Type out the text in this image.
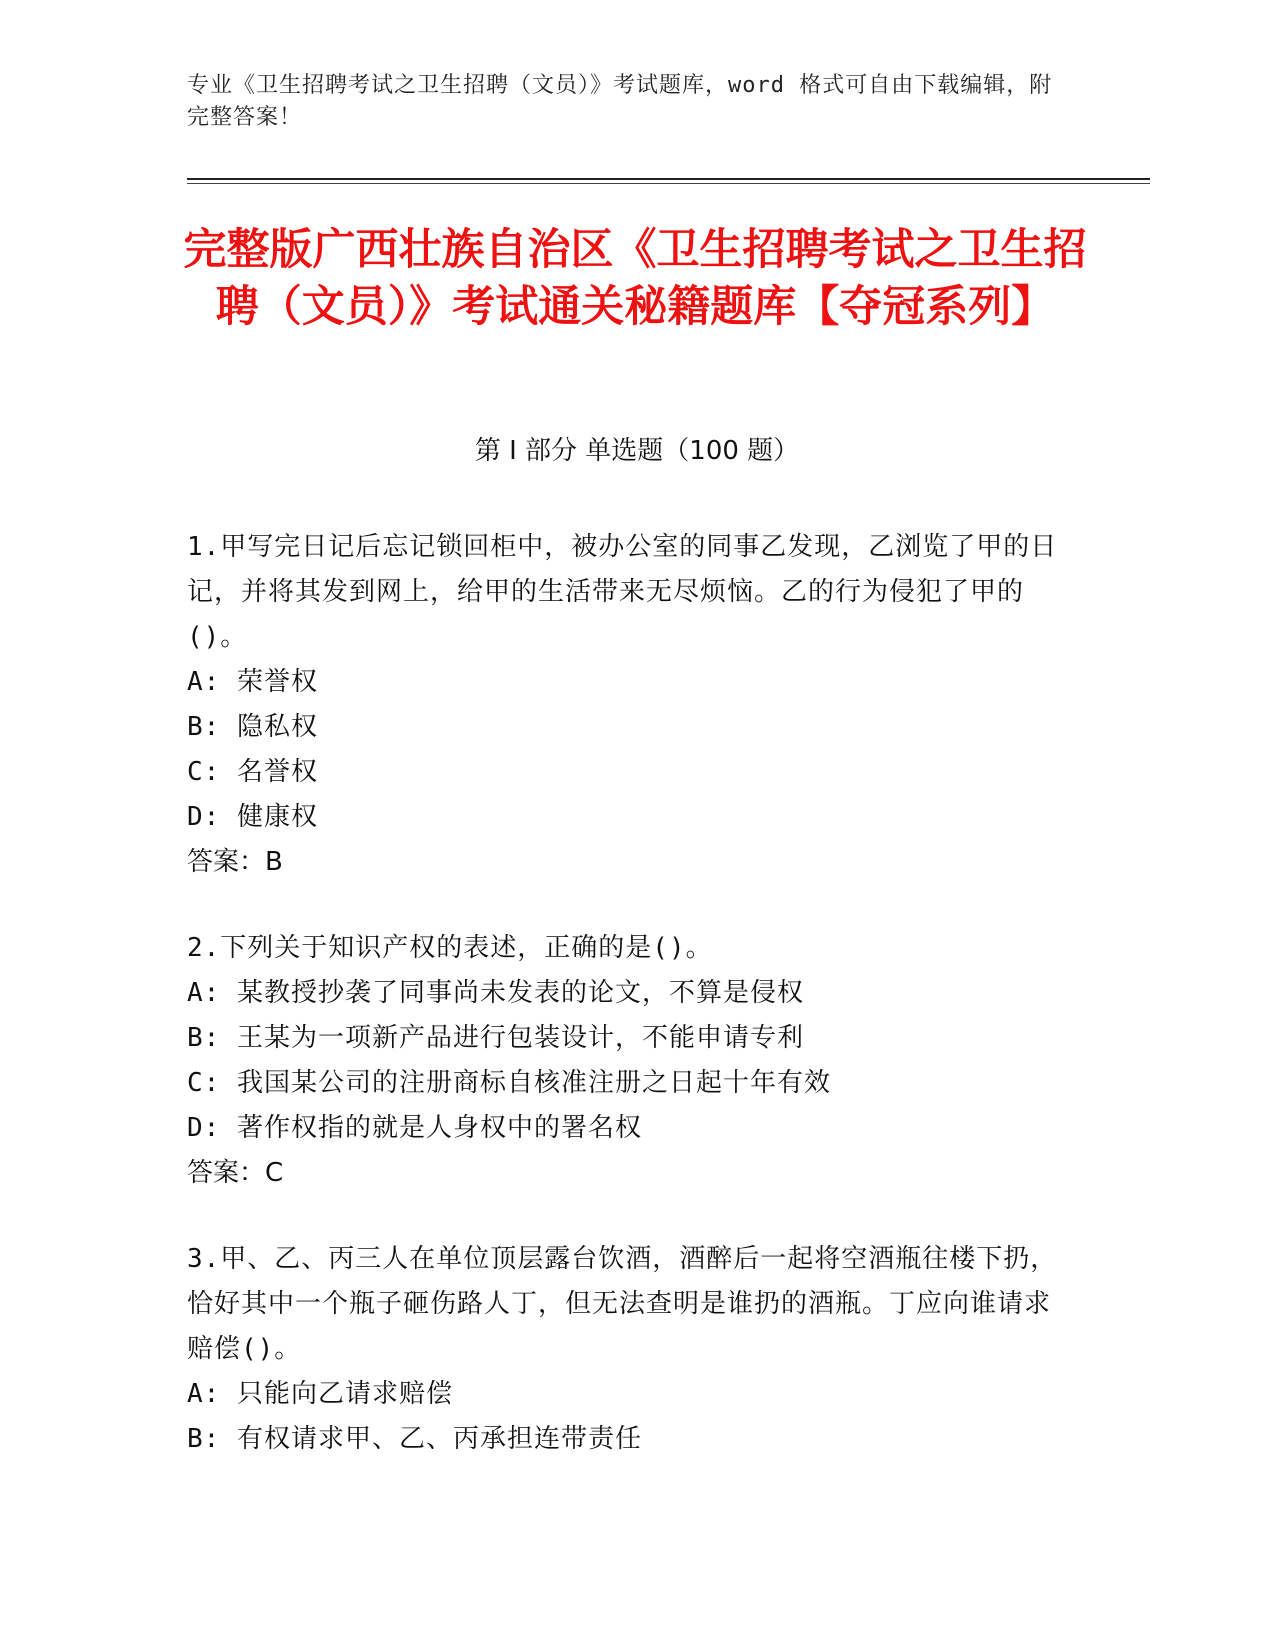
专业《卫生招聘考试之卫生招聘（文员）》考试题库，word 格式可自由下载编辑，附完整答案！
完整版广西壮族自治区《卫生招聘考试之卫生招聘（文员）》考试通关秘籍题库【夺冠系列】
第 I 部分 单选题（100 题）

1.甲写完日记后忘记锁回柜中，被办公室的同事乙发现，乙浏览了甲的日记，并将其发到网上，给甲的生活带来无尽烦恼。乙的行为侵犯了甲的()。

A: 荣誉权

B: 隐私权

C: 名誉权

D: 健康权

答案：B

2.下列关于知识产权的表述，正确的是()。

A: 某教授抄袭了同事尚未发表的论文，不算是侵权

B: 王某为一项新产品进行包装设计，不能申请专利

C: 我国某公司的注册商标自核准注册之日起十年有效

D: 著作权指的就是人身权中的署名权

答案：C

3.甲、乙、丙三人在单位顶层露台饮酒，酒醉后一起将空酒瓶往楼下扔，恰好其中一个瓶子砸伤路人丁，但无法查明是谁扔的酒瓶。丁应向谁请求赔偿()。

A: 只能向乙请求赔偿

B: 有权请求甲、乙、丙承担连带责任
